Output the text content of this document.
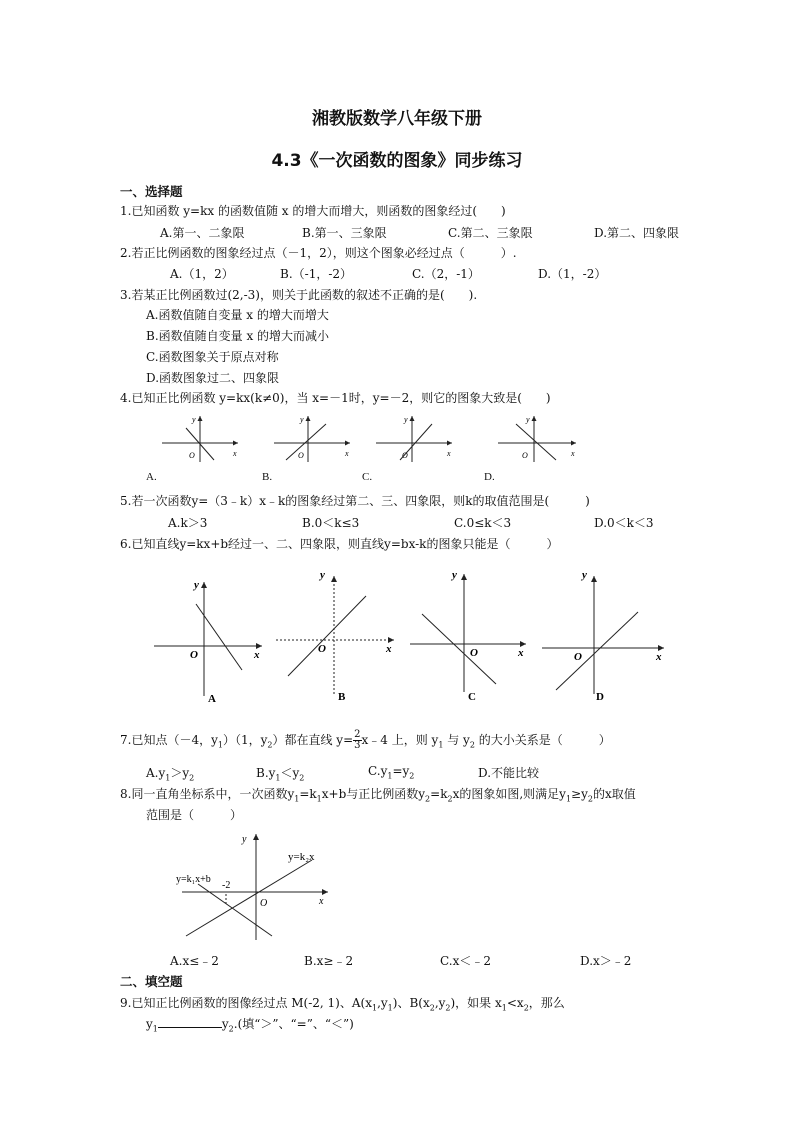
湘教版数学八年级下册
4.3《一次函数的图象》同步练习
一、选择题
1.已知函数 y=kx 的函数值随 x 的增大而增大，则函数的图象经过(　　)
A.第一、二象限	B.第一、三象限	C.第二、三象限	D.第二、四象限
2.若正比例函数的图象经过点（－1，2），则这个图象必经过点（　　　）.
A.（1，2）	B.（-1，-2）	C.（2，-1）	D.（1，-2）
3.若某正比例函数过(2,-3)，则关于此函数的叙述不正确的是(　　).
A.函数值随自变量 x 的增大而增大
B.函数值随自变量 x 的增大而减小
C.函数图象关于原点对称
D.函数图象过二、四象限
4.已知正比例函数 y=kx(k≠0)，当 x=－1时，y=－2，则它的图象大致是(　　)
y
x
O
y
x
O
y
x
O
y
x
O
A.	B.	C.	D.
5.若一次函数y=（3﹣k）x﹣k的图象经过第二、三、四象限，则k的取值范围是(　　　)
A.k＞3	B.0＜k≤3	C.0≤k＜3	D.0＜k＜3
6.已知直线y=kx+b经过一、二、四象限，则直线y=bx-k的图象只能是（　　　）
y
x
O
A
y
x
O
B
y
x
O
C
y
x
O
D
7.已知点（－4，$y_1)(1$，$y_2$）都在直线 $y= \frac{2}{3}$ x﹣4 上，则 $y_1$ 与 $y_2$ 的大小关系是（　　　）
$A.y_1>y_2$	$B.y_1<y_2$	$C.y_1=y_2$	D.不能比较
8.同一直角坐标系中，一次函数$y_1=k_1x+b$与正比例函数$y_2=k_2x$的图象如图,则满足$y_1\ge y_2$的x取值
范围是（　　　）
y
x
O
-2
y=k₁x+b
y=k₂x
A.x≤﹣2	B.x≥﹣2	C.x＜﹣2	D.x＞﹣2
二、填空题
9.已知正比例函数的图像经过点 M(-2, 1)、$A(x_1,y_1)$、$B(x_2,y_2)$，如果 $x_1<x_2$，那么
$y_1$	$y_2$.(填“＞”、“=”、“＜”)
